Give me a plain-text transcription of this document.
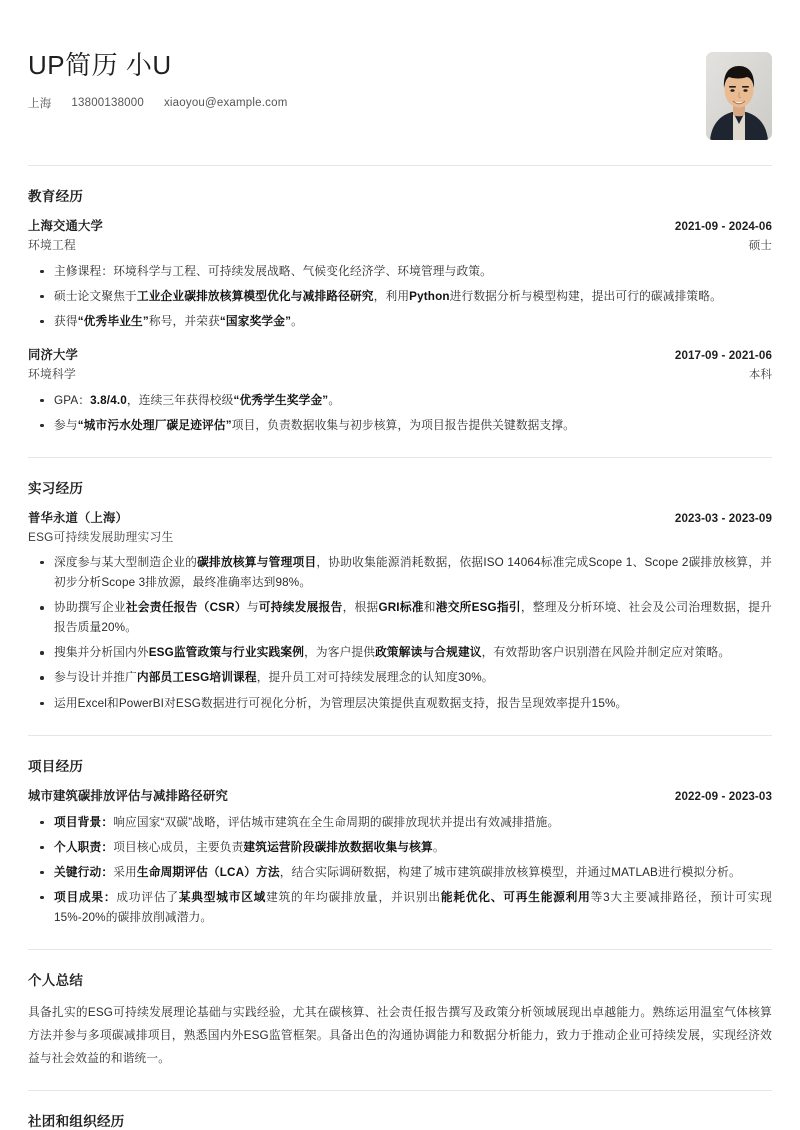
UP简历 小U
上海 13800138000 xiaoyou@example.com
教育经历
上海交通大学	2021-09 - 2024-06
环境工程	硕士
主修课程：环境科学与工程、可持续发展战略、气候变化经济学、环境管理与政策。
硕士论文聚焦于工业企业碳排放核算模型优化与减排路径研究，利用Python进行数据分析与模型构建，提出可行的碳减排策略。
获得“优秀毕业生”称号，并荣获“国家奖学金”。
同济大学	2017-09 - 2021-06
环境科学	本科
GPA：3.8/4.0，连续三年获得校级“优秀学生奖学金”。
参与“城市污水处理厂碳足迹评估”项目，负责数据收集与初步核算，为项目报告提供关键数据支撑。
实习经历
普华永道（上海）	2023-03 - 2023-09
ESG可持续发展助理实习生
深度参与某大型制造企业的碳排放核算与管理项目，协助收集能源消耗数据，依据ISO 14064标准完成Scope 1、Scope 2碳排放核算，并初步分析Scope 3排放源，最终准确率达到98%。
协助撰写企业社会责任报告（CSR）与可持续发展报告，根据GRI标准和港交所ESG指引，整理及分析环境、社会及公司治理数据，提升报告质量20%。
搜集并分析国内外ESG监管政策与行业实践案例，为客户提供政策解读与合规建议，有效帮助客户识别潜在风险并制定应对策略。
参与设计并推广内部员工ESG培训课程，提升员工对可持续发展理念的认知度30%。
运用Excel和PowerBI对ESG数据进行可视化分析，为管理层决策提供直观数据支持，报告呈现效率提升15%。
项目经历
城市建筑碳排放评估与减排路径研究	2022-09 - 2023-03
项目背景：响应国家“双碳”战略，评估城市建筑在全生命周期的碳排放现状并提出有效减排措施。
个人职责：项目核心成员，主要负责建筑运营阶段碳排放数据收集与核算。
关键行动：采用生命周期评估（LCA）方法，结合实际调研数据，构建了城市建筑碳排放核算模型，并通过MATLAB进行模拟分析。
项目成果：成功评估了某典型城市区域建筑的年均碳排放量，并识别出能耗优化、可再生能源利用等3大主要减排路径，预计可实现15%-20%的碳排放削减潜力。
个人总结

具备扎实的ESG可持续发展理论基础与实践经验，尤其在碳核算、社会责任报告撰写及政策分析领域展现出卓越能力。熟练运用温室气体核算方法并参与多项碳减排项目，熟悉国内外ESG监管框架。具备出色的沟通协调能力和数据分析能力，致力于推动企业可持续发展，实现经济效益与社会效益的和谐统一。

社团和组织经历
